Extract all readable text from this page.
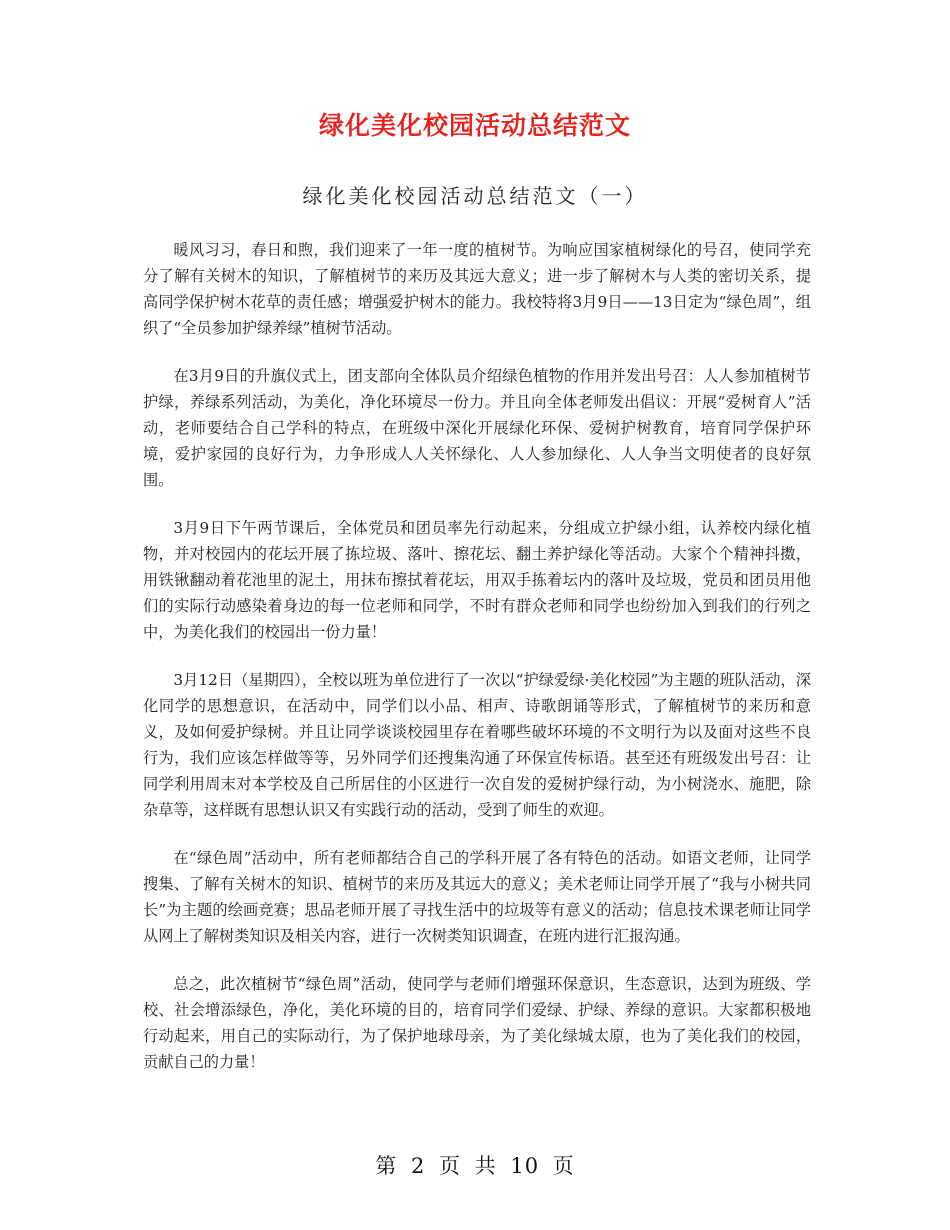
绿化美化校园活动总结范文
绿化美化校园活动总结范文（一）

暖风习习，春日和煦，我们迎来了一年一度的植树节。为响应国家植树绿化的号召，使同学充分了解有关树木的知识，了解植树节的来历及其远大意义；进一步了解树木与人类的密切关系，提高同学保护树木花草的责任感；增强爱护树木的能力。我校特将3月9日——13日定为“绿色周”，组织了“全员参加护绿养绿”植树节活动。

在3月9日的升旗仪式上，团支部向全体队员介绍绿色植物的作用并发出号召：人人参加植树节护绿，养绿系列活动，为美化，净化环境尽一份力。并且向全体老师发出倡议：开展“爱树育人”活动，老师要结合自己学科的特点，在班级中深化开展绿化环保、爱树护树教育，培育同学保护环境，爱护家园的良好行为，力争形成人人关怀绿化、人人参加绿化、人人争当文明使者的良好氛围。

3月9日下午两节课后，全体党员和团员率先行动起来，分组成立护绿小组，认养校内绿化植物，并对校园内的花坛开展了拣垃圾、落叶、擦花坛、翻土养护绿化等活动。大家个个精神抖擞，用铁锹翻动着花池里的泥土，用抹布擦拭着花坛，用双手拣着坛内的落叶及垃圾，党员和团员用他们的实际行动感染着身边的每一位老师和同学，不时有群众老师和同学也纷纷加入到我们的行列之中，为美化我们的校园出一份力量！

3月12日（星期四），全校以班为单位进行了一次以“护绿爱绿·美化校园”为主题的班队活动，深化同学的思想意识，在活动中，同学们以小品、相声、诗歌朗诵等形式，了解植树节的来历和意义，及如何爱护绿树。并且让同学谈谈校园里存在着哪些破坏环境的不文明行为以及面对这些不良行为，我们应该怎样做等等，另外同学们还搜集沟通了环保宣传标语。甚至还有班级发出号召：让同学利用周末对本学校及自己所居住的小区进行一次自发的爱树护绿行动，为小树浇水、施肥，除杂草等，这样既有思想认识又有实践行动的活动，受到了师生的欢迎。

在“绿色周”活动中，所有老师都结合自己的学科开展了各有特色的活动。如语文老师，让同学搜集、了解有关树木的知识、植树节的来历及其远大的意义；美术老师让同学开展了“我与小树共同长”为主题的绘画竞赛；思品老师开展了寻找生活中的垃圾等有意义的活动；信息技术课老师让同学从网上了解树类知识及相关内容，进行一次树类知识调查，在班内进行汇报沟通。

总之，此次植树节“绿色周”活动，使同学与老师们增强环保意识，生态意识，达到为班级、学校、社会增添绿色，净化，美化环境的目的，培育同学们爱绿、护绿、养绿的意识。大家都积极地行动起来，用自己的实际动行，为了保护地球母亲，为了美化绿城太原，也为了美化我们的校园，贡献自己的力量！

第 2 页 共 10 页
